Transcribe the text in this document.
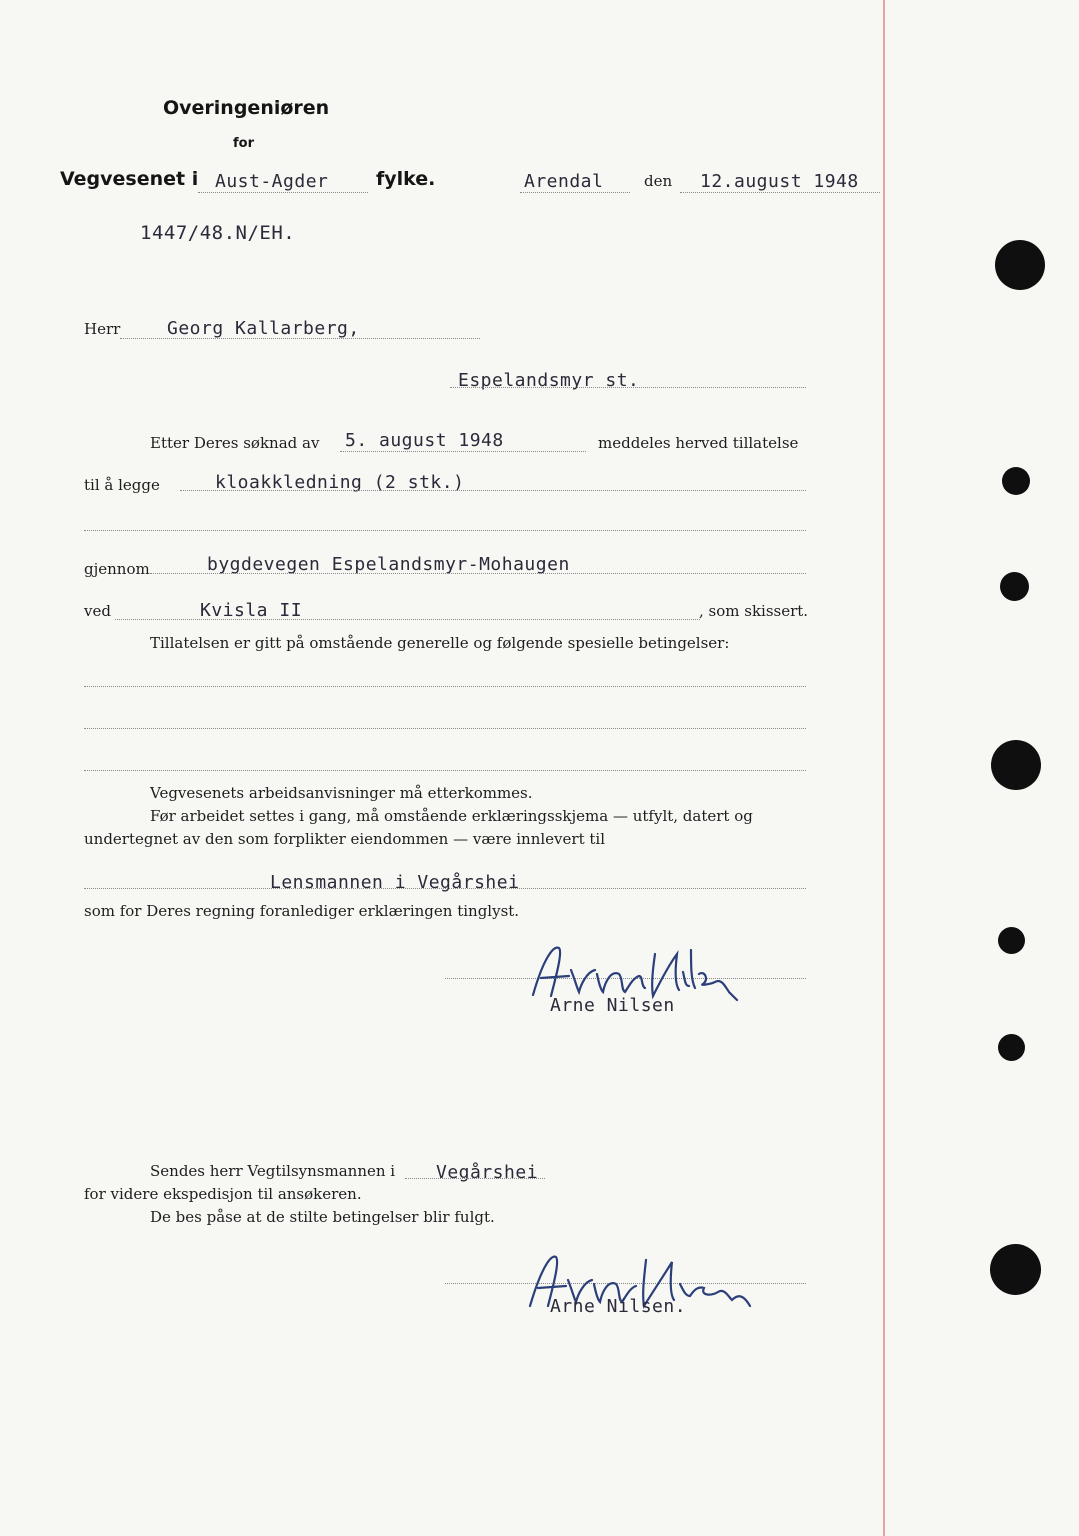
Overingeniøren
for
Vegvesenet i Aust-Agder	fylke.	Arendal	den 12.august 1948
1447/48.N/EH.
Herr	Georg Kallarberg,
Espelandsmyr st.
Etter Deres søknad av 5. august 1948	meddeles herved tillatelse
til å legge	kloakkledning (2 stk.)
gjennom	bygdevegen Espelandsmyr-Mohaugen
ved	Kvisla II	, som skissert.
Tillatelsen er gitt på omstående generelle og følgende spesielle betingelser:
Vegvesenets arbeidsanvisninger må etterkommes.
Før arbeidet settes i gang, må omstående erklæringsskjema — utfylt, datert og
undertegnet av den som forplikter eiendommen — være innlevert til
Lensmannen i Vegårshei
som for Deres regning foranlediger erklæringen tinglyst.
Arne Nilsen
Sendes herr Vegtilsynsmannen i Vegårshei
for videre ekspedisjon til ansøkeren.
De bes påse at de stilte betingelser blir fulgt.
Arne Nilsen.
